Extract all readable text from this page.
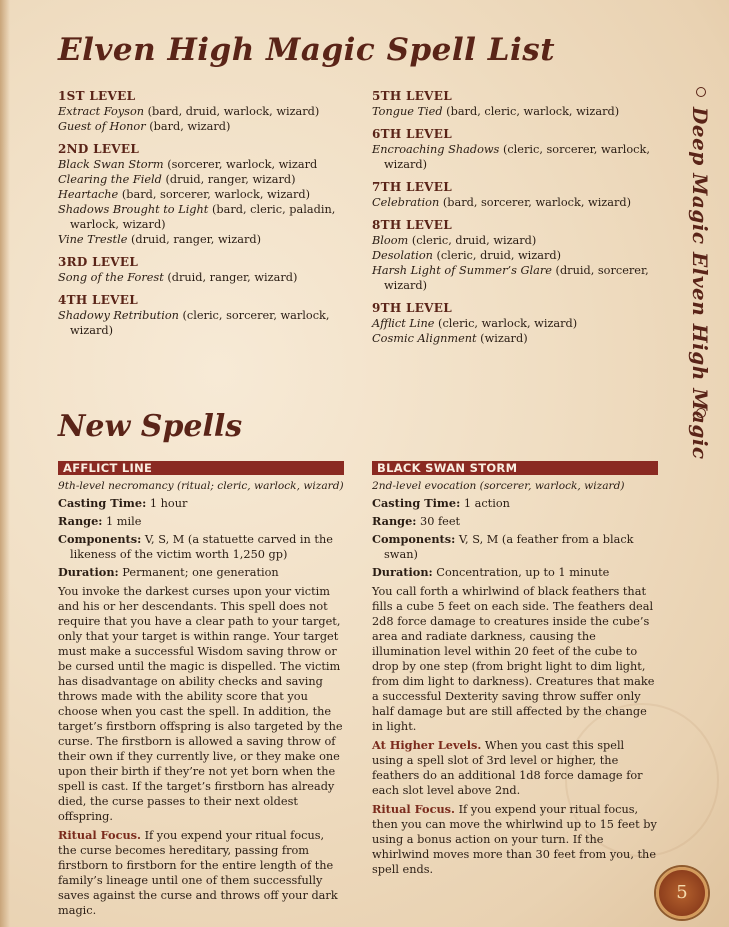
Elven High Magic Spell List
1ST LEVEL
Extract Foyson (bard, druid, warlock, wizard)
Guest of Honor (bard, wizard)
2ND LEVEL
Black Swan Storm (sorcerer, warlock, wizard
Clearing the Field (druid, ranger, wizard)
Heartache (bard, sorcerer, warlock, wizard)
Shadows Brought to Light (bard, cleric, paladin, warlock, wizard)
Vine Trestle (druid, ranger, wizard)
3RD LEVEL
Song of the Forest (druid, ranger, wizard)
4TH LEVEL
Shadowy Retribution (cleric, sorcerer, warlock, wizard)
5TH LEVEL
Tongue Tied (bard, cleric, warlock, wizard)
6TH LEVEL
Encroaching Shadows (cleric, sorcerer, warlock, wizard)
7TH LEVEL
Celebration (bard, sorcerer, warlock, wizard)
8TH LEVEL
Bloom (cleric, druid, wizard)
Desolation (cleric, druid, wizard)
Harsh Light of Summer’s Glare (druid, sorcerer, wizard)
9TH LEVEL
Afflict Line (cleric, warlock, wizard)
Cosmic Alignment (wizard)	Deep Magic Elven High Magic
New Spells
AFFLICT LINE
9th-level necromancy (ritual; cleric, warlock, wizard)
Casting Time: 1 hour
Range: 1 mile
Components: V, S, M (a statuette carved in the likeness of the victim worth 1,250 gp)
Duration: Permanent; one generation
You invoke the darkest curses upon your victim and his or her descendants. This spell does not require that you have a clear path to your target, only that your target is within range. Your target must make a successful Wisdom saving throw or be cursed until the magic is dispelled. The victim has disadvantage on ability checks and saving throws made with the ability score that you choose when you cast the spell. In addition, the target’s firstborn offspring is also targeted by the curse. The firstborn is allowed a saving throw of their own if they currently live, or they make one upon their birth if they’re not yet born when the spell is cast. If the target’s firstborn has already died, the curse passes to their next oldest offspring.
Ritual Focus. If you expend your ritual focus, the curse becomes hereditary, passing from firstborn to firstborn for the entire length of the family’s lineage until one of them successfully saves against the curse and throws off your dark magic.
BLACK SWAN STORM
2nd-level evocation (sorcerer, warlock, wizard)
Casting Time: 1 action
Range: 30 feet
Components: V, S, M (a feather from a black swan)
Duration: Concentration, up to 1 minute
You call forth a whirlwind of black feathers that fills a cube 5 feet on each side. The feathers deal 2d8 force damage to creatures inside the cube’s area and radiate darkness, causing the illumination level within 20 feet of the cube to drop by one step (from bright light to dim light, from dim light to darkness). Creatures that make a successful Dexterity saving throw suffer only half damage but are still affected by the change in light.
At Higher Levels. When you cast this spell using a spell slot of 3rd level or higher, the feathers do an additional 1d8 force damage for each slot level above 2nd.
Ritual Focus. If you expend your ritual focus, then you can move the whirlwind up to 15 feet by using a bonus action on your turn. If the whirlwind moves more than 30 feet from you, the spell ends.
5
